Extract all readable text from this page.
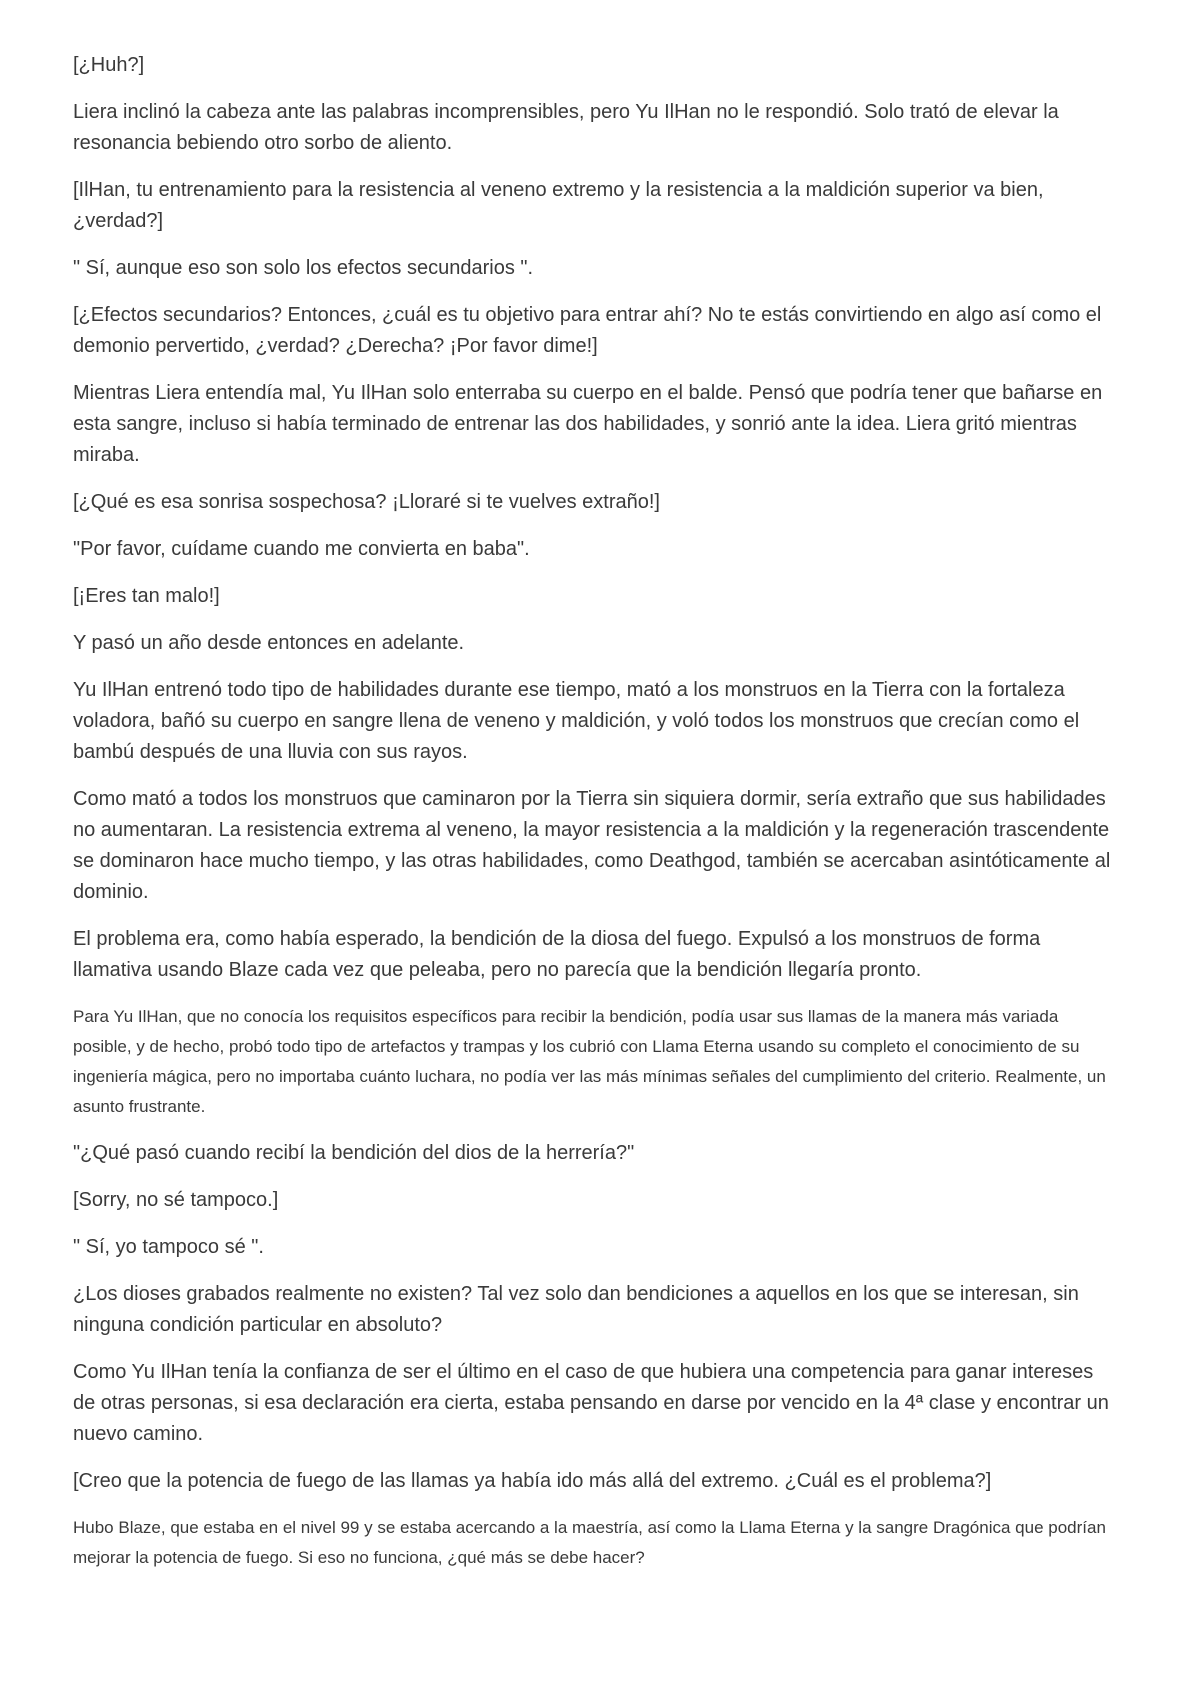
[¿Huh?]

Liera inclinó la cabeza ante las palabras incomprensibles, pero Yu IlHan no le respondió. Solo trató de elevar la resonancia bebiendo otro sorbo de aliento.

[IlHan, tu entrenamiento para la resistencia al veneno extremo y la resistencia a la maldición superior va bien, ¿verdad?]

" Sí, aunque eso son solo los efectos secundarios ".

[¿Efectos secundarios? Entonces, ¿cuál es tu objetivo para entrar ahí? No te estás convirtiendo en algo así como el demonio pervertido, ¿verdad? ¿Derecha? ¡Por favor dime!]

Mientras Liera entendía mal, Yu IlHan solo enterraba su cuerpo en el balde. Pensó que podría tener que bañarse en esta sangre, incluso si había terminado de entrenar las dos habilidades, y sonrió ante la idea. Liera gritó mientras miraba.

[¿Qué es esa sonrisa sospechosa? ¡Lloraré si te vuelves extraño!]

"Por favor, cuídame cuando me convierta en baba".

[¡Eres tan malo!]

Y pasó un año desde entonces en adelante.

Yu IlHan entrenó todo tipo de habilidades durante ese tiempo, mató a los monstruos en la Tierra con la fortaleza voladora, bañó su cuerpo en sangre llena de veneno y maldición, y voló todos los monstruos que crecían como el bambú después de una lluvia con sus rayos.

Como mató a todos los monstruos que caminaron por la Tierra sin siquiera dormir, sería extraño que sus habilidades no aumentaran. La resistencia extrema al veneno, la mayor resistencia a la maldición y la regeneración trascendente se dominaron hace mucho tiempo, y las otras habilidades, como Deathgod, también se acercaban asintóticamente al dominio.

El problema era, como había esperado, la bendición de la diosa del fuego. Expulsó a los monstruos de forma llamativa usando Blaze cada vez que peleaba, pero no parecía que la bendición llegaría pronto.

Para Yu IlHan, que no conocía los requisitos específicos para recibir la bendición, podía usar sus llamas de la manera más variada posible, y de hecho, probó todo tipo de artefactos y trampas y los cubrió con Llama Eterna usando su completo el conocimiento de su ingeniería mágica, pero no importaba cuánto luchara, no podía ver las más mínimas señales del cumplimiento del criterio. Realmente, un asunto frustrante.

"¿Qué pasó cuando recibí la bendición del dios de la herrería?"

[Sorry, no sé tampoco.]

" Sí, yo tampoco sé ".

¿Los dioses grabados realmente no existen? Tal vez solo dan bendiciones a aquellos en los que se interesan, sin ninguna condición particular en absoluto?

Como Yu IlHan tenía la confianza de ser el último en el caso de que hubiera una competencia para ganar intereses de otras personas, si esa declaración era cierta, estaba pensando en darse por vencido en la 4ª clase y encontrar un nuevo camino.

[Creo que la potencia de fuego de las llamas ya había ido más allá del extremo. ¿Cuál es el problema?]

Hubo Blaze, que estaba en el nivel 99 y se estaba acercando a la maestría, así como la Llama Eterna y la sangre Dragónica que podrían mejorar la potencia de fuego. Si eso no funciona, ¿qué más se debe hacer?
